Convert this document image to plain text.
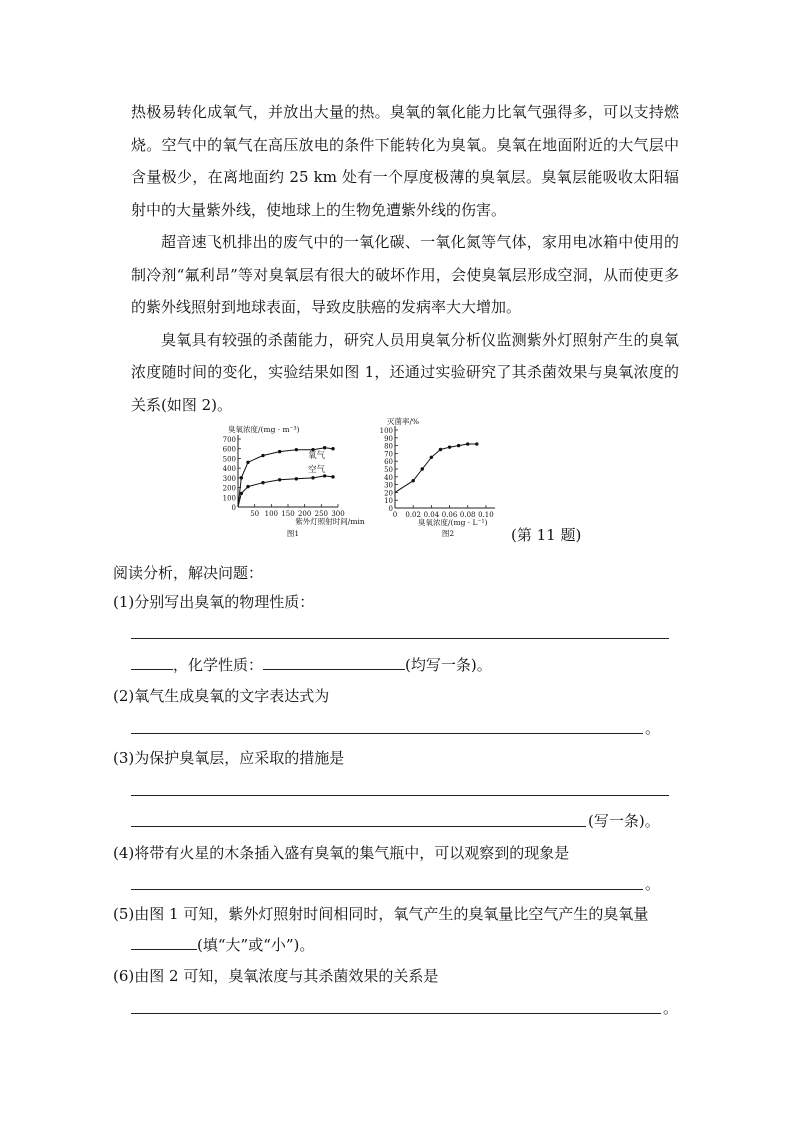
热极易转化成氧气，并放出大量的热。臭氧的氧化能力比氧气强得多，可以支持燃烧。空气中的氧气在高压放电的条件下能转化为臭氧。臭氧在地面附近的大气层中含量极少，在离地面约 25 km 处有一个厚度极薄的臭氧层。臭氧层能吸收太阳辐射中的大量紫外线，使地球上的生物免遭紫外线的伤害。

超音速飞机排出的废气中的一氧化碳、一氧化氮等气体，家用电冰箱中使用的制冷剂“氟利昂”等对臭氧层有很大的破坏作用，会使臭氧层形成空洞，从而使更多的紫外线照射到地球表面，导致皮肤癌的发病率大大增加。

臭氧具有较强的杀菌能力，研究人员用臭氧分析仪监测紫外灯照射产生的臭氧浓度随时间的变化，实验结果如图 1，还通过实验研究了其杀菌效果与臭氧浓度的关系(如图 2)。

0
100
200
300
400
500
600
700
50 100 150 200 250 300
臭氧浓度/(mg · m⁻³)
紫外灯照射时间/min
图1
氧气
空气
0
10
20
30
40
50
60
70
80
90
100
0 0.02 0.04 0.06 0.08 0.10
灭菌率/%
臭氧浓度/(mg · L⁻¹)
图2	(第 11 题)
阅读分析，解决问题：
(1)分别写出臭氧的物理性质：
，化学性质：	(均写一条)。
(2)氧气生成臭氧的文字表达式为
。
(3)为保护臭氧层，应采取的措施是
(写一条)。
(4)将带有火星的木条插入盛有臭氧的集气瓶中，可以观察到的现象是
。
(5)由图 1 可知，紫外灯照射时间相同时，氧气产生的臭氧量比空气产生的臭氧量
(填“大”或“小”)。
(6)由图 2 可知，臭氧浓度与其杀菌效果的关系是
。
